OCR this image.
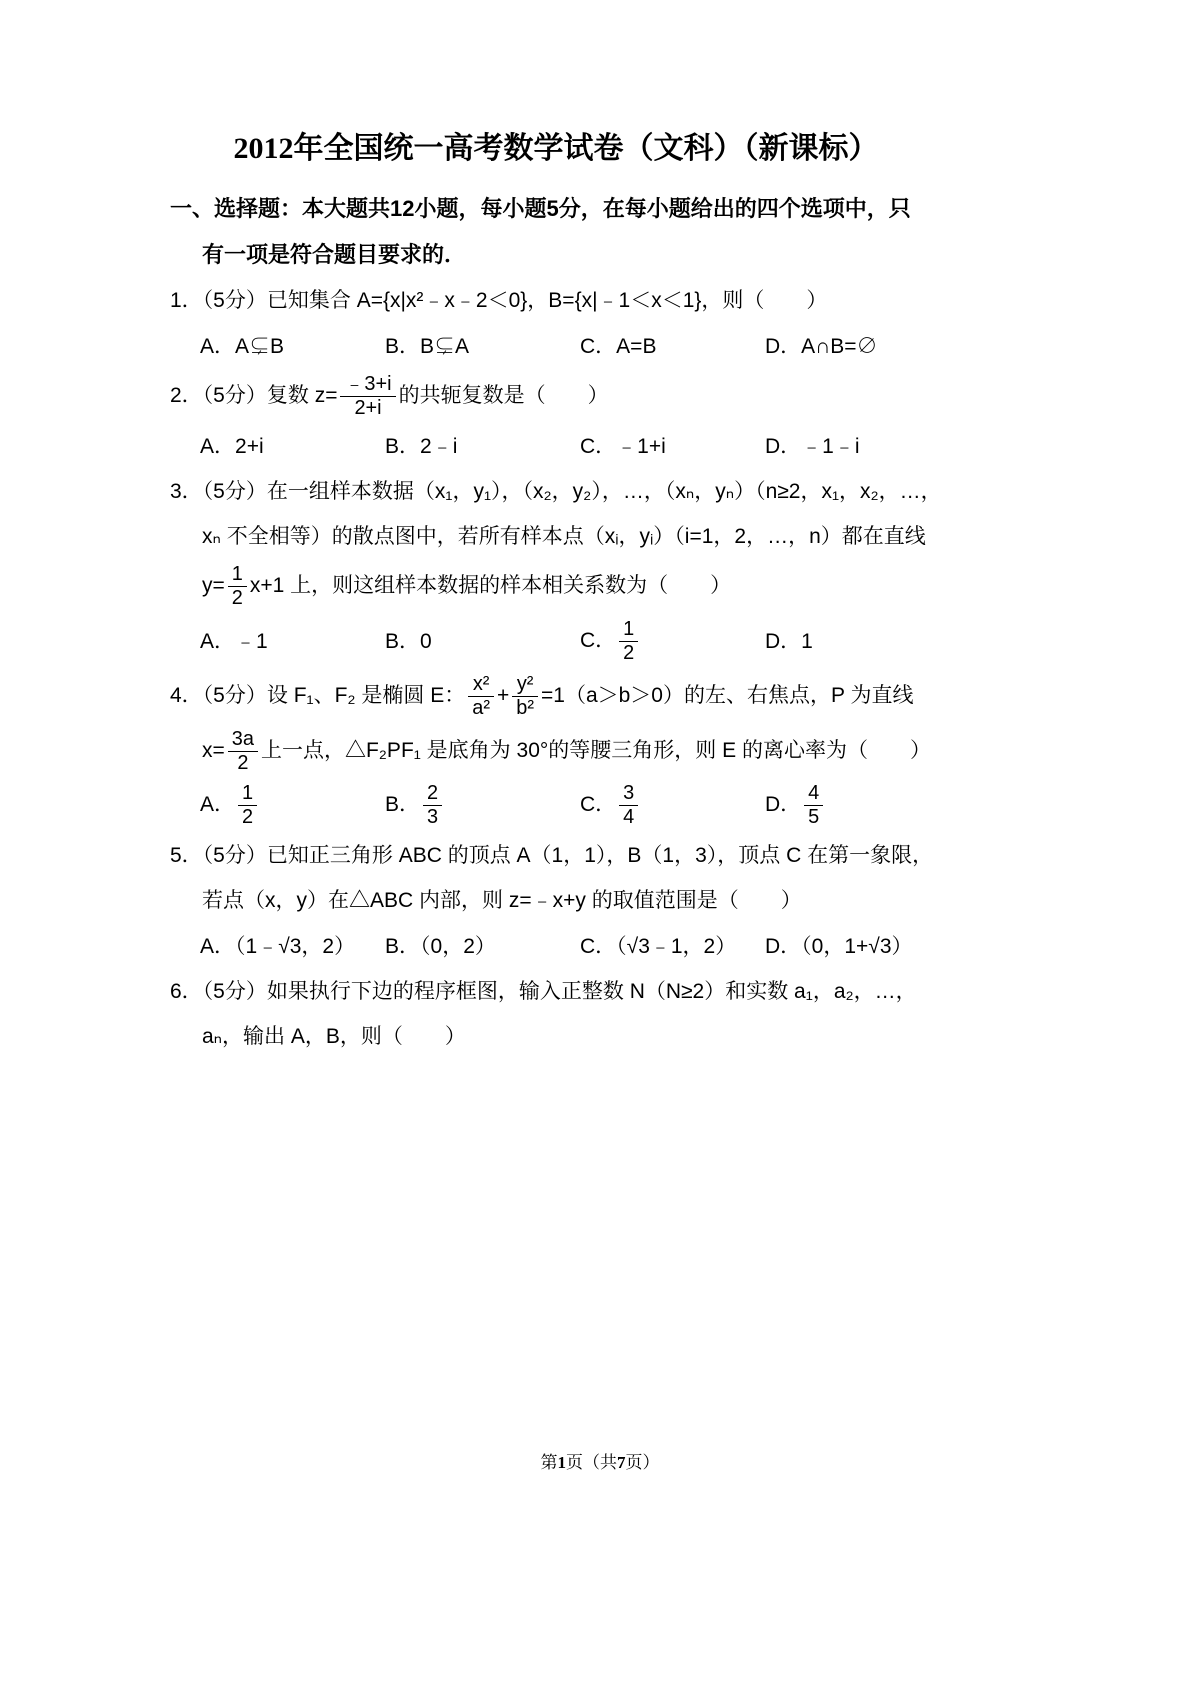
2012年全国统一高考数学试卷（文科）（新课标）

一、选择题：本大题共12小题，每小题5分，在每小题给出的四个选项中，只
有一项是符合题目要求的．

1．（5分）已知集合 A={x|x²﹣x﹣2＜0}，B={x|﹣1＜x＜1}，则（　　）

A．A⊊B	B．B⊊A	C．A=B	D．A∩B=∅

2．（5分）复数 $z= \frac{﹣3+i}{2+i}$ 的共轭复数是（　　）

A．2+i	B．2﹣i	C．﹣1+i	D．﹣1﹣i

3．（5分）在一组样本数据（x₁，y₁），（x₂，y₂），…，（xₙ，yₙ）（n≥2，x₁，x₂，…，xₙ 不全相等）的散点图中，若所有样本点（xᵢ，yᵢ）（i=1，2，…，n）都在直线 $y= \frac{1}{2} x+1$ 上，则这组样本数据的样本相关系数为（　　）

A．﹣1	B．0	C． $\frac{1}{2}$	D．1

4．（5分）设 F₁、F₂ 是椭圆 E： $\frac{\text{x²}}{\text{a²}} + \frac{\text{y²}}{\text{b²}} =1(a>b>0)$的左、右焦点，P 为直线 $x= \frac{3a}{2}$ 上一点，△F₂PF₁ 是底角为 30°的等腰三角形，则 E 的离心率为（　　）

A． $\frac{1}{2}$	B． $\frac{2}{3}$	C． $\frac{3}{4}$	D． $\frac{4}{5}$

5．（5分）已知正三角形 ABC 的顶点 A（1，1），B（1，3），顶点 C 在第一象限，若点（x，y）在△ABC 内部，则 z=﹣x+y 的取值范围是（　　）

A．（1﹣√3，2）	B．（0，2）	C．（√3﹣1，2）	D．（0，1+√3）

6．（5分）如果执行下边的程序框图，输入正整数 N（N≥2）和实数 a₁，a₂，…，aₙ，输出 A，B，则（　　）

第1页（共7页）
